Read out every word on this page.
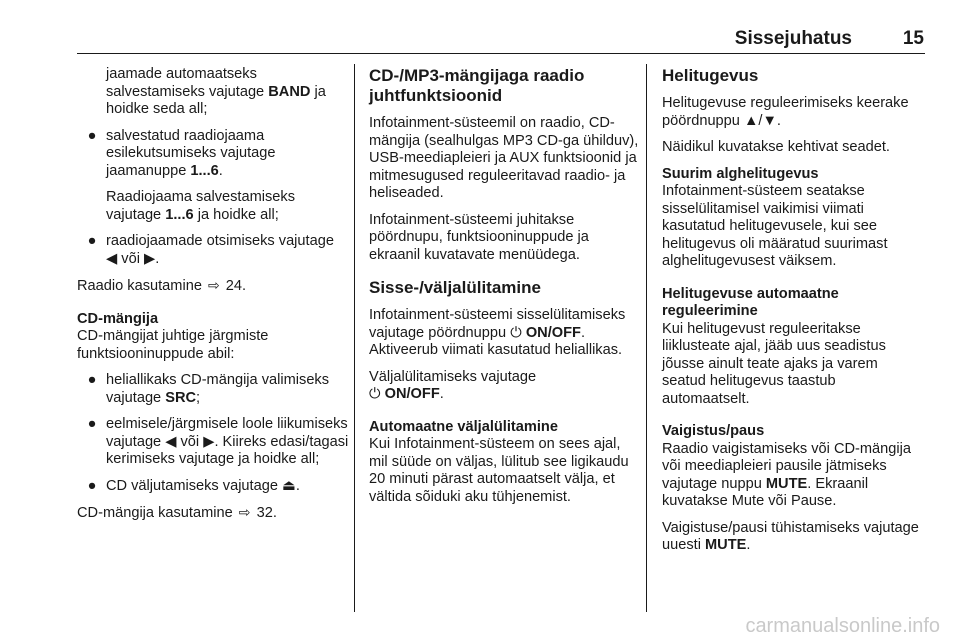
Sissejuhatus	15

jaamade automaatseks salvestamiseks vajutage BAND ja hoidke seda all;

● salvestatud raadiojaama esilekutsumiseks vajutage jaamanuppe 1...6.

Raadiojaama salvestamiseks vajutage 1...6 ja hoidke all;

● raadiojaamade otsimiseks vajutage ◀ või ▶.

Raadio kasutamine ⇨ 24.

CD-mängija

CD-mängijat juhtige järgmiste funktsiooninuppude abil:

● heliallikaks CD-mängija valimiseks vajutage SRC;
● eelmisele/järgmisele loole liikumiseks vajutage ◀ või ▶. Kiireks edasi/tagasi kerimiseks vajutage ja hoidke all;
● CD väljutamiseks vajutage ⏏.

CD-mängija kasutamine ⇨ 32.

CD-/MP3-mängijaga raadio juhtfunktsioonid

Infotainment-süsteemil on raadio, CD-mängija (sealhulgas MP3 CD-ga ühilduv), USB-meediapleieri ja AUX funktsioonid ja mitmesugused reguleeritavad raadio- ja heliseaded.

Infotainment-süsteemi juhitakse pöördnupu, funktsiooninuppude ja ekraanil kuvatavate menüüdega.

Sisse-/väljalülitamine

Infotainment-süsteemi sisselülitamiseks vajutage pöördnuppu ⏻ ON/OFF. Aktiveerub viimati kasutatud heliallikas.

Väljalülitamiseks vajutage
⏻ ON/OFF.

Automaatne väljalülitamine

Kui Infotainment-süsteem on sees ajal, mil süüde on väljas, lülitub see ligikaudu 20 minuti pärast automaatselt välja, et vältida sõiduki aku tühjenemist.

Helitugevus

Helitugevuse reguleerimiseks keerake pöördnuppu ▲/▼.

Näidikul kuvatakse kehtivat seadet.

Suurim alghelitugevus

Infotainment-süsteem seatakse sisselülitamisel vaikimisi viimati kasutatud helitugevusele, kui see helitugevus oli määratud suurimast alghelitugevusest väiksem.

Helitugevuse automaatne reguleerimine

Kui helitugevust reguleeritakse liiklusteate ajal, jääb uus seadistus jõusse ainult teate ajaks ja varem seatud helitugevus taastub automaatselt.

Vaigistus/paus

Raadio vaigistamiseks või CD-mängija või meediapleieri pausile jätmiseks vajutage nuppu MUTE. Ekraanil kuvatakse Mute või Pause.

Vaigistuse/pausi tühistamiseks vajutage uuesti MUTE.

carmanualsonline.info
